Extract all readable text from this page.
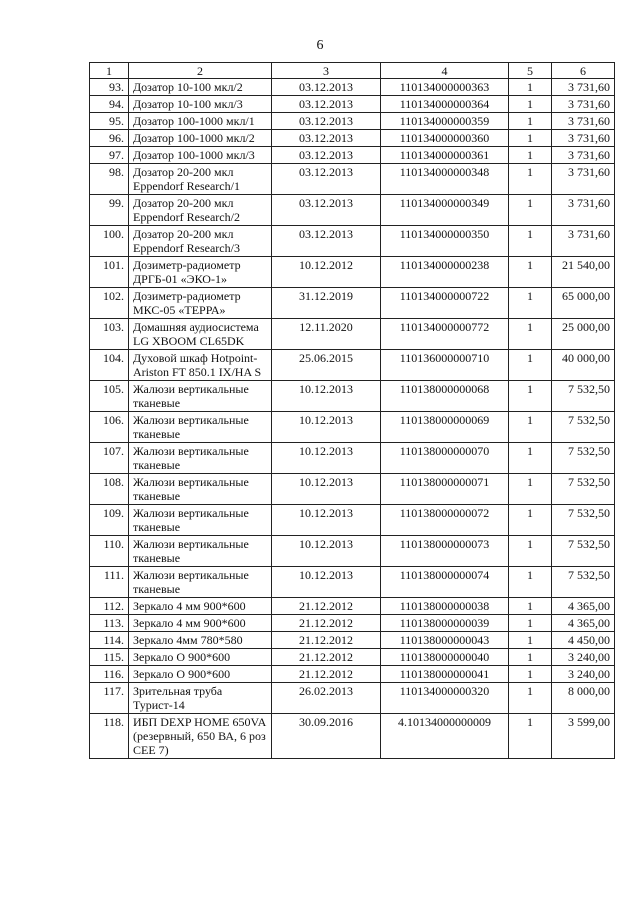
6
1	2	3	4	5	6
93.	Дозатор 10-100 мкл/2	03.12.2013	110134000000363	1	3 731,60
94.	Дозатор 10-100 мкл/3	03.12.2013	110134000000364	1	3 731,60
95.	Дозатор 100-1000 мкл/1	03.12.2013	110134000000359	1	3 731,60
96.	Дозатор 100-1000 мкл/2	03.12.2013	110134000000360	1	3 731,60
97.	Дозатор 100-1000 мкл/3	03.12.2013	110134000000361	1	3 731,60
98.	Дозатор 20-200 мкл Eppendorf Research/1	03.12.2013	110134000000348	1	3 731,60
99.	Дозатор 20-200 мкл Eppendorf Research/2	03.12.2013	110134000000349	1	3 731,60
100.	Дозатор 20-200 мкл Eppendorf Research/3	03.12.2013	110134000000350	1	3 731,60
101.	Дозиметр-радиометр ДРГБ-01 «ЭКО-1»	10.12.2012	110134000000238	1	21 540,00
102.	Дозиметр-радиометр МКС-05 «ТЕРРА»	31.12.2019	110134000000722	1	65 000,00
103.	Домашняя аудиосистема LG XBOOM CL65DK	12.11.2020	110134000000772	1	25 000,00
104.	Духовой шкаф Hotpoint-Ariston FT 850.1 IX/HA S	25.06.2015	110136000000710	1	40 000,00
105.	Жалюзи вертикальные тканевые	10.12.2013	110138000000068	1	7 532,50
106.	Жалюзи вертикальные тканевые	10.12.2013	110138000000069	1	7 532,50
107.	Жалюзи вертикальные тканевые	10.12.2013	110138000000070	1	7 532,50
108.	Жалюзи вертикальные тканевые	10.12.2013	110138000000071	1	7 532,50
109.	Жалюзи вертикальные тканевые	10.12.2013	110138000000072	1	7 532,50
110.	Жалюзи вертикальные тканевые	10.12.2013	110138000000073	1	7 532,50
111.	Жалюзи вертикальные тканевые	10.12.2013	110138000000074	1	7 532,50
112.	Зеркало 4 мм 900*600	21.12.2012	110138000000038	1	4 365,00
113.	Зеркало 4 мм 900*600	21.12.2012	110138000000039	1	4 365,00
114.	Зеркало 4мм 780*580	21.12.2012	110138000000043	1	4 450,00
115.	Зеркало О 900*600	21.12.2012	110138000000040	1	3 240,00
116.	Зеркало О 900*600	21.12.2012	110138000000041	1	3 240,00
117.	Зрительная труба Турист-14	26.02.2013	110134000000320	1	8 000,00
118.	ИБП DEXP HOME 650VA (резервный, 650 ВА, 6 роз CEE 7)	30.09.2016	4.10134000000009	1	3 599,00
